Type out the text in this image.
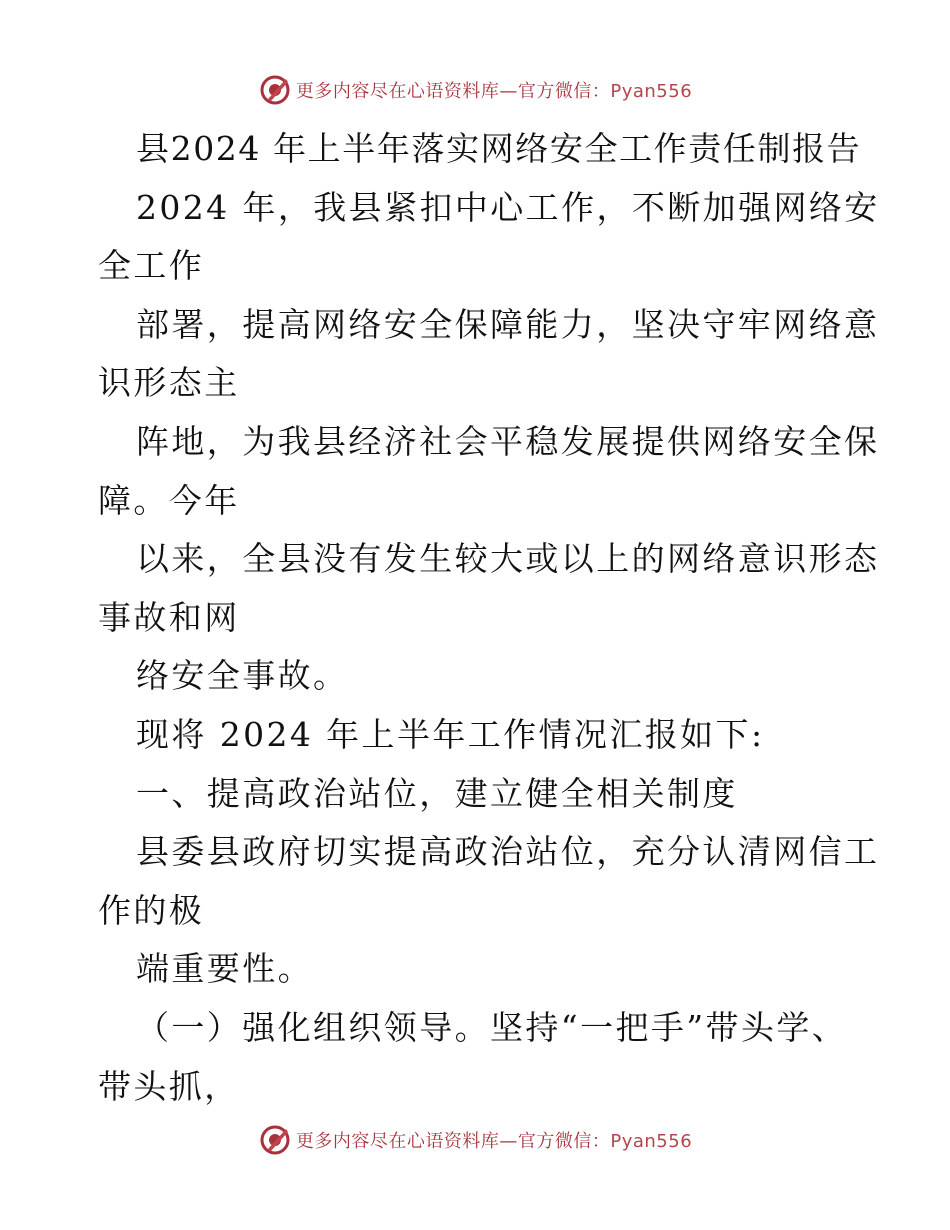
更多内容尽在心语资料库—官方微信：Pyan556
县2024 年上半年落实网络安全工作责任制报告
2024 年，我县紧扣中心工作，不断加强网络安
全工作
部署，提高网络安全保障能力，坚决守牢网络意
识形态主
阵地，为我县经济社会平稳发展提供网络安全保
障。今年
以来，全县没有发生较大或以上的网络意识形态
事故和网
络安全事故。
现将 2024 年上半年工作情况汇报如下:
一、提高政治站位，建立健全相关制度
县委县政府切实提高政治站位，充分认清网信工
作的极
端重要性。
（一）强化组织领导。坚持“一把手”带头学、
带头抓，
更多内容尽在心语资料库—官方微信：Pyan556
